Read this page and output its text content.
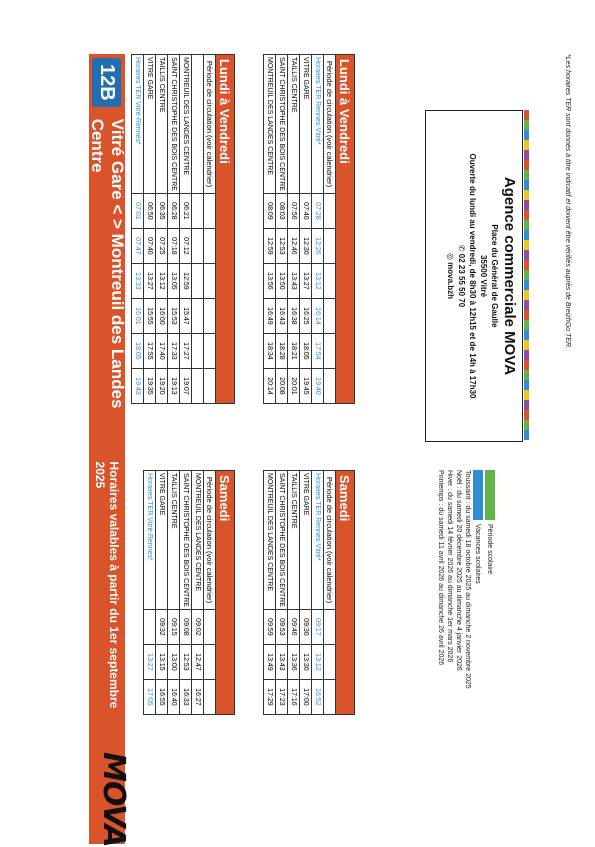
12B
Vitré Gare < > Montreuil des Landes Centre
Horaires valables à partir du 1er septembre 2025
MOVA
Lundi à Vendredi						
Période de circulation (voir calendrier)						

MONTREUIL DES LANDES CENTRE	06:21	07:12	12:59	15:47	17:27	19:07
SAINT CHRISTOPHE DES BOIS CENTRE	06:28	07:18	13:05	15:53	17:33	19:13
TAILLIS CENTRE	06:35	07:25	13:12	16:00	17:40	19:20
VITRE GARE	06:50	07:40	13:27	15:55	17:55	19:35
Horaires TER Vitré-Rennes*	07:01	07:47	13:33	16:01	18:05	19:43
Lundi à Vendredi						
Période de circulation (voir calendrier)						
Horaires TER Rennes-Vitré*	07:28	12:26	13:12	16:14	17:54	19:40
VITRE GARE	07:40	12:30	13:27	16:25	18:05	19:45
TAILLIS CENTRE	07:56	12:46	13:43	16:38	18:21	20:01
SAINT CHRISTOPHE DES BOIS CENTRE	08:03	12:53	13:50	16:43	18:28	20:08
MONTREUIL DES LANDES CENTRE	08:09	12:59	13:56	16:49	18:34	20:14
Samedi			
Période de circulation (voir calendrier)			
MONTREUIL DES LANDES CENTRE	09:02	12:47	16:27
SAINT CHRISTOPHE DES BOIS CENTRE	09:08	12:53	16:33
TAILLIS CENTRE	09:15	13:00	16:40
VITRE GARE	09:32	13:15	16:55
Horaires TER Vitré-Rennes*		13:27	17:05
Samedi			
Période de circulation (voir calendrier)			
Horaires TER Rennes-Vitré*	09:17	13:12	16:52
VITRE GARE	09:30	13:30	17:00
TAILLIS CENTRE	09:46	13:36	17:16
SAINT CHRISTOPHE DES BOIS CENTRE	09:53	13:43	17:23
MONTREUIL DES LANDES CENTRE	09:59	13:49	17:29
Agence commerciale MOVA
Place du Général de Gaulle
35500 Vitré
Ouverte du lundi au vendredi, de 8h30 à 12h15 et de 14h à 17h30
✆ 02 23 55 50 70
◎ mova.bzh	*Les horaires TER sont donnés à titre indicatif et doivent être vérifiés auprès de BreizhGo TER.
Période scolaire
Vacances scolaires
Toussaint : du samedi 18 octobre 2025 au dimanche 2 novembre 2025
Noël : du samedi 20 décembre 2025 au dimanche 4 janvier 2026
Hiver : du samedi 14 février 2026 au dimanche 1er mars 2026
Printemps : du samedi 11 avril 2026 au dimanche 26 avril 2026
